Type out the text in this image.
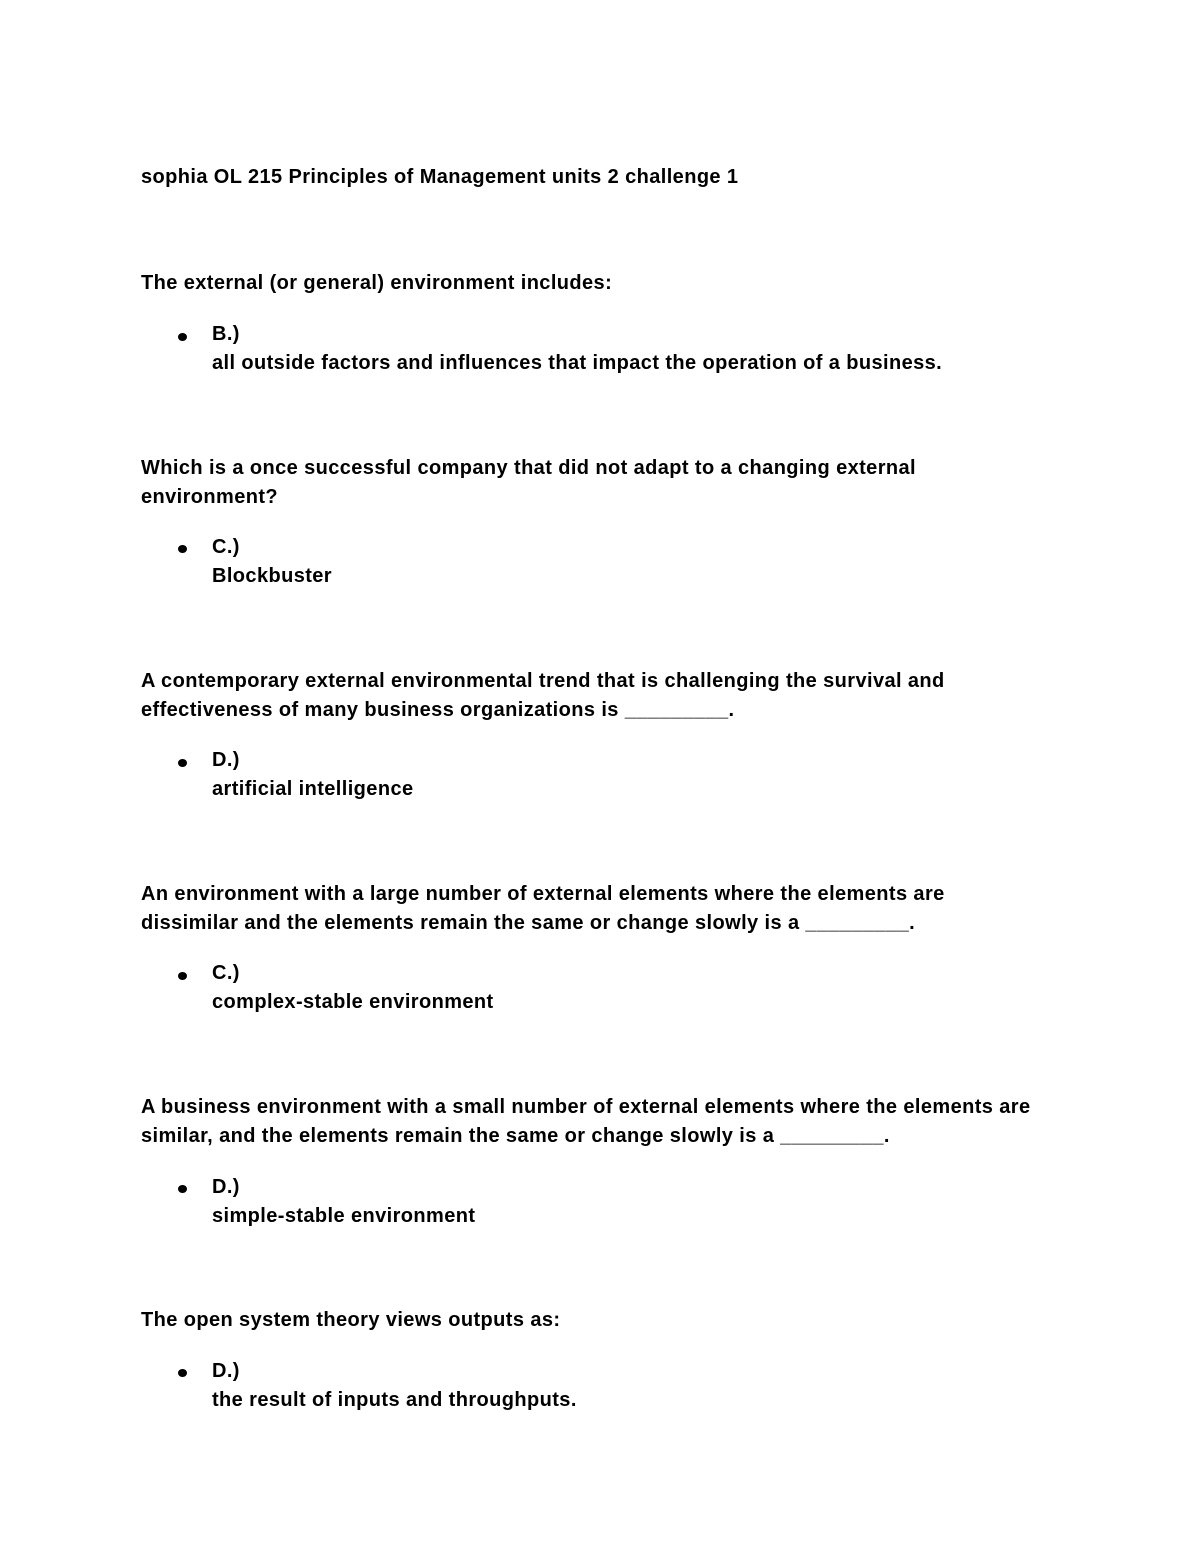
sophia OL 215 Principles of Management units 2 challenge 1

The external (or general) environment includes:

B.)
all outside factors and influences that impact the operation of a business.

Which is a once successful company that did not adapt to a changing external environment?

C.)
Blockbuster

A contemporary external environmental trend that is challenging the survival and effectiveness of many business organizations is _________.

D.)
artificial intelligence

An environment with a large number of external elements where the elements are dissimilar and the elements remain the same or change slowly is a _________.

C.)
complex-stable environment

A business environment with a small number of external elements where the elements are similar, and the elements remain the same or change slowly is a _________.

D.)
simple-stable environment

The open system theory views outputs as:

D.)
the result of inputs and throughputs.
